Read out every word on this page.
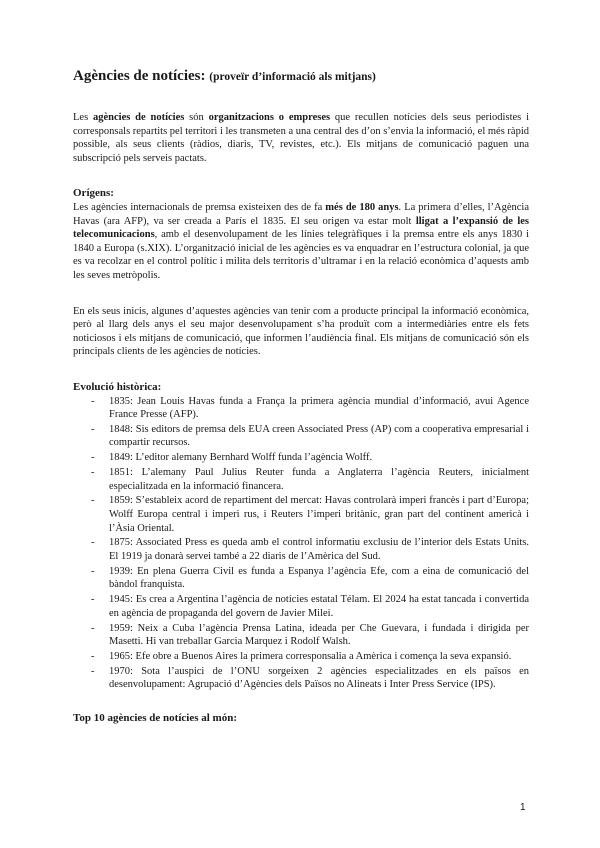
Agències de notícies: (proveïr d’informació als mitjans)

Les agències de notícies són organitzacions o empreses que recullen notícies dels seus periodistes i corresponsals repartits pel territori i les transmeten a una central des d’on s’envia la informació, el més ràpid possible, als seus clients (ràdios, diaris, TV, revistes, etc.). Els mitjans de comunicació paguen una subscripció pels serveis pactats.

Orígens:

Les agències internacionals de premsa existeixen des de fa més de 180 anys. La primera d’elles, l’Agència Havas (ara AFP), va ser creada a París el 1835. El seu origen va estar molt lligat a l’expansió de les telecomunicacions, amb el desenvolupament de les línies telegràfiques i la premsa entre els anys 1830 i 1840 a Europa (s.XIX). L’organització inicial de les agències es va enquadrar en l’estructura colonial, ja que es va recolzar en el control polític i milita dels territoris d’ultramar i en la relació econòmica d’aquests amb les seves metròpolis.

En els seus inicis, algunes d’aquestes agències van tenir com a producte principal la informació econòmica, però al llarg dels anys el seu major desenvolupament s’ha produït com a intermediàries entre els fets noticiosos i els mitjans de comunicació, que informen l’audiència final. Els mitjans de comunicació són els principals clients de les agències de notícies.

Evolució històrica:
- 1835: Jean Louis Havas funda a França la primera agència mundial d’informació, avui Agence France Presse (AFP).
- 1848: Sis editors de premsa dels EUA creen Associated Press (AP) com a cooperativa empresarial i compartir recursos.
- 1849: L’editor alemany Bernhard Wolff funda l’agència Wolff.
- 1851: L’alemany Paul Julius Reuter funda a Anglaterra l’agència Reuters, inicialment especialitzada en la informació financera.
- 1859: S’estableix acord de repartiment del mercat: Havas controlarà imperi francès i part d’Europa; Wolff Europa central i imperi rus, i Reuters l’imperi britànic, gran part del continent americà i l’Àsia Oriental.
- 1875: Associated Press es queda amb el control informatiu exclusiu de l’interior dels Estats Units. El 1919 ja donarà servei també a 22 diaris de l’Amèrica del Sud.
- 1939: En plena Guerra Civil es funda a Espanya l’agència Efe, com a eina de comunicació del bàndol franquista.
- 1945: Es crea a Argentina l’agència de notícies estatal Télam. El 2024 ha estat tancada i convertida en agència de propaganda del govern de Javier Milei.
- 1959: Neix a Cuba l’agència Prensa Latina, ideada per Che Guevara, i fundada i dirigida per Masetti. Hi van treballar Garcia Marquez i Rodolf Walsh.
- 1965: Efe obre a Buenos Aires la primera corresponsalia a Amèrica i comença la seva expansió.
- 1970: Sota l’auspici de l’ONU sorgeixen 2 agències especialitzades en els països en desenvolupament: Agrupació d’Agències dels Països no Alineats i Inter Press Service (IPS).
Top 10 agències de notícies al món:
1
